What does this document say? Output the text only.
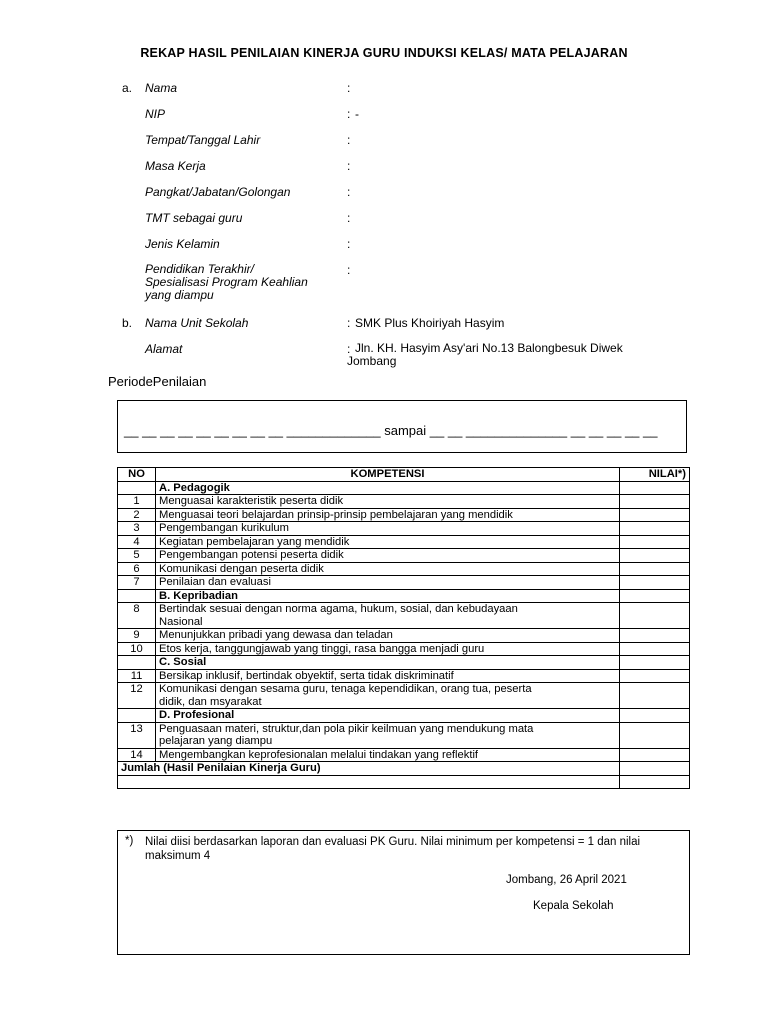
REKAP HASIL PENILAIAN KINERJA GURU INDUKSI KELAS/ MATA PELAJARAN
a.
b.
Nama	:
NIP	: -
Tempat/Tanggal Lahir	:
Masa Kerja	:
Pangkat/Jabatan/Golongan	:
TMT sebagai guru	:
Jenis Kelamin	:
Pendidikan Terakhir/
Spesialisasi Program Keahlian
yang diampu
:
Nama Unit Sekolah	: SMK Plus Khoiriyah Hasyim
Alamat	: Jln. KH. Hasyim Asy'ari No.13 Balongbesuk Diwek
Jombang
PeriodePenilaian
__ __ __ __ __ __ __ __ __ _____________ sampai __ __ ______________ __ __ __ __ __
NO	KOMPETENSI	NILAI*)
	A. Pedagogik	
1	Menguasai karakteristik peserta didik	
2	Menguasai teori belajardan prinsip-prinsip pembelajaran yang mendidik	
3	Pengembangan kurikulum	
4	Kegiatan pembelajaran yang mendidik	
5	Pengembangan potensi peserta didik	
6	Komunikasi dengan peserta didik	
7	Penilaian dan evaluasi	
	B. Kepribadian	
8	Bertindak sesuai dengan norma agama, hukum, sosial, dan kebudayaan
Nasional	

9	Menunjukkan pribadi yang dewasa dan teladan	
10	Etos kerja, tanggungjawab yang tinggi, rasa bangga menjadi guru	
	C. Sosial	
11	Bersikap inklusif, bertindak obyektif, serta tidak diskriminatif	
12	Komunikasi dengan sesama guru, tenaga kependidikan, orang tua, peserta
didik, dan msyarakat	

	D. Profesional	
13	Penguasaan materi, struktur,dan pola pikir keilmuan yang mendukung mata
pelajaran yang diampu	

14	Mengembangkan keprofesionalan melalui tindakan yang reflektif	
Jumlah (Hasil Penilaian Kinerja Guru)		

*) Nilai diisi berdasarkan laporan dan evaluasi PK Guru. Nilai minimum per kompetensi = 1 dan nilai maksimum 4
Jombang, 26 April 2021
Kepala Sekolah
